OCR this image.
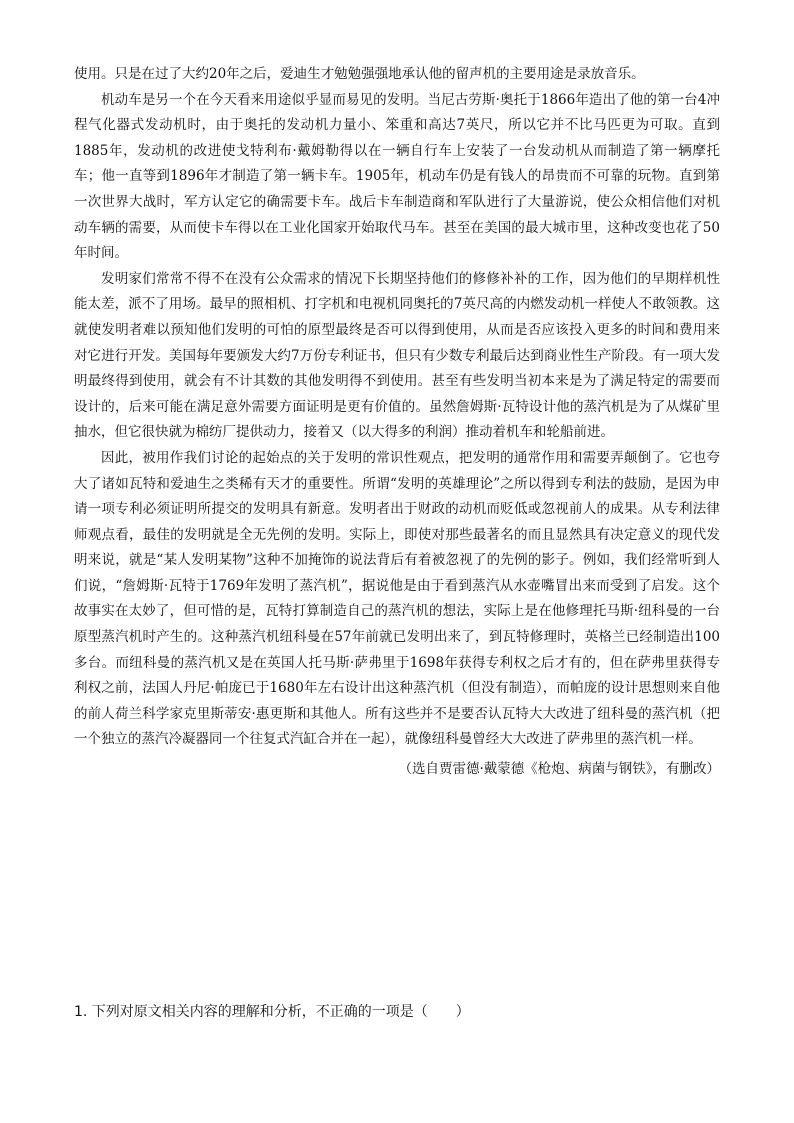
使用。只是在过了大约20年之后，爱迪生才勉勉强强地承认他的留声机的主要用途是录放音乐。

机动车是另一个在今天看来用途似乎显而易见的发明。当尼古劳斯·奥托于1866年造出了他的第一台4冲程气化器式发动机时，由于奥托的发动机力量小、笨重和高达7英尺，所以它并不比马匹更为可取。直到1885年，发动机的改进使戈特利布·戴姆勒得以在一辆自行车上安装了一台发动机从而制造了第一辆摩托车；他一直等到1896年才制造了第一辆卡车。1905年，机动车仍是有钱人的昂贵而不可靠的玩物。直到第一次世界大战时，军方认定它的确需要卡车。战后卡车制造商和军队进行了大量游说，使公众相信他们对机动车辆的需要，从而使卡车得以在工业化国家开始取代马车。甚至在美国的最大城市里，这种改变也花了50年时间。

发明家们常常不得不在没有公众需求的情况下长期坚持他们的修修补补的工作，因为他们的早期样机性能太差，派不了用场。最早的照相机、打字机和电视机同奥托的7英尺高的内燃发动机一样使人不敢领教。这就使发明者难以预知他们发明的可怕的原型最终是否可以得到使用，从而是否应该投入更多的时间和费用来对它进行开发。美国每年要颁发大约7万份专利证书，但只有少数专利最后达到商业性生产阶段。有一项大发明最终得到使用，就会有不计其数的其他发明得不到使用。甚至有些发明当初本来是为了满足特定的需要而设计的，后来可能在满足意外需要方面证明是更有价值的。虽然詹姆斯·瓦特设计他的蒸汽机是为了从煤矿里抽水，但它很快就为棉纺厂提供动力，接着又（以大得多的利润）推动着机车和轮船前进。

因此，被用作我们讨论的起始点的关于发明的常识性观点，把发明的通常作用和需要弄颠倒了。它也夸大了诸如瓦特和爱迪生之类稀有天才的重要性。所谓“发明的英雄理论”之所以得到专利法的鼓励，是因为申请一项专利必须证明所提交的发明具有新意。发明者出于财政的动机而贬低或忽视前人的成果。从专利法律师观点看，最佳的发明就是全无先例的发明。实际上，即使对那些最著名的而且显然具有决定意义的现代发明来说，就是“某人发明某物”这种不加掩饰的说法背后有着被忽视了的先例的影子。例如，我们经常听到人们说，“詹姆斯·瓦特于1769年发明了蒸汽机”，据说他是由于看到蒸汽从水壶嘴冒出来而受到了启发。这个故事实在太妙了，但可惜的是，瓦特打算制造自己的蒸汽机的想法，实际上是在他修理托马斯·纽科曼的一台原型蒸汽机时产生的。这种蒸汽机纽科曼在57年前就已发明出来了，到瓦特修理时，英格兰已经制造出100多台。而纽科曼的蒸汽机又是在英国人托马斯·萨弗里于1698年获得专利权之后才有的，但在萨弗里获得专利权之前，法国人丹尼·帕庞已于1680年左右设计出这种蒸汽机（但没有制造），而帕庞的设计思想则来自他的前人荷兰科学家克里斯蒂安·惠更斯和其他人。所有这些并不是要否认瓦特大大改进了纽科曼的蒸汽机（把一个独立的蒸汽冷凝器同一个往复式汽缸合并在一起），就像纽科曼曾经大大改进了萨弗里的蒸汽机一样。

（选自贾雷德·戴蒙德《枪炮、病菌与钢铁》，有删改）

1. 下列对原文相关内容的理解和分析，不正确的一项是（　　）
